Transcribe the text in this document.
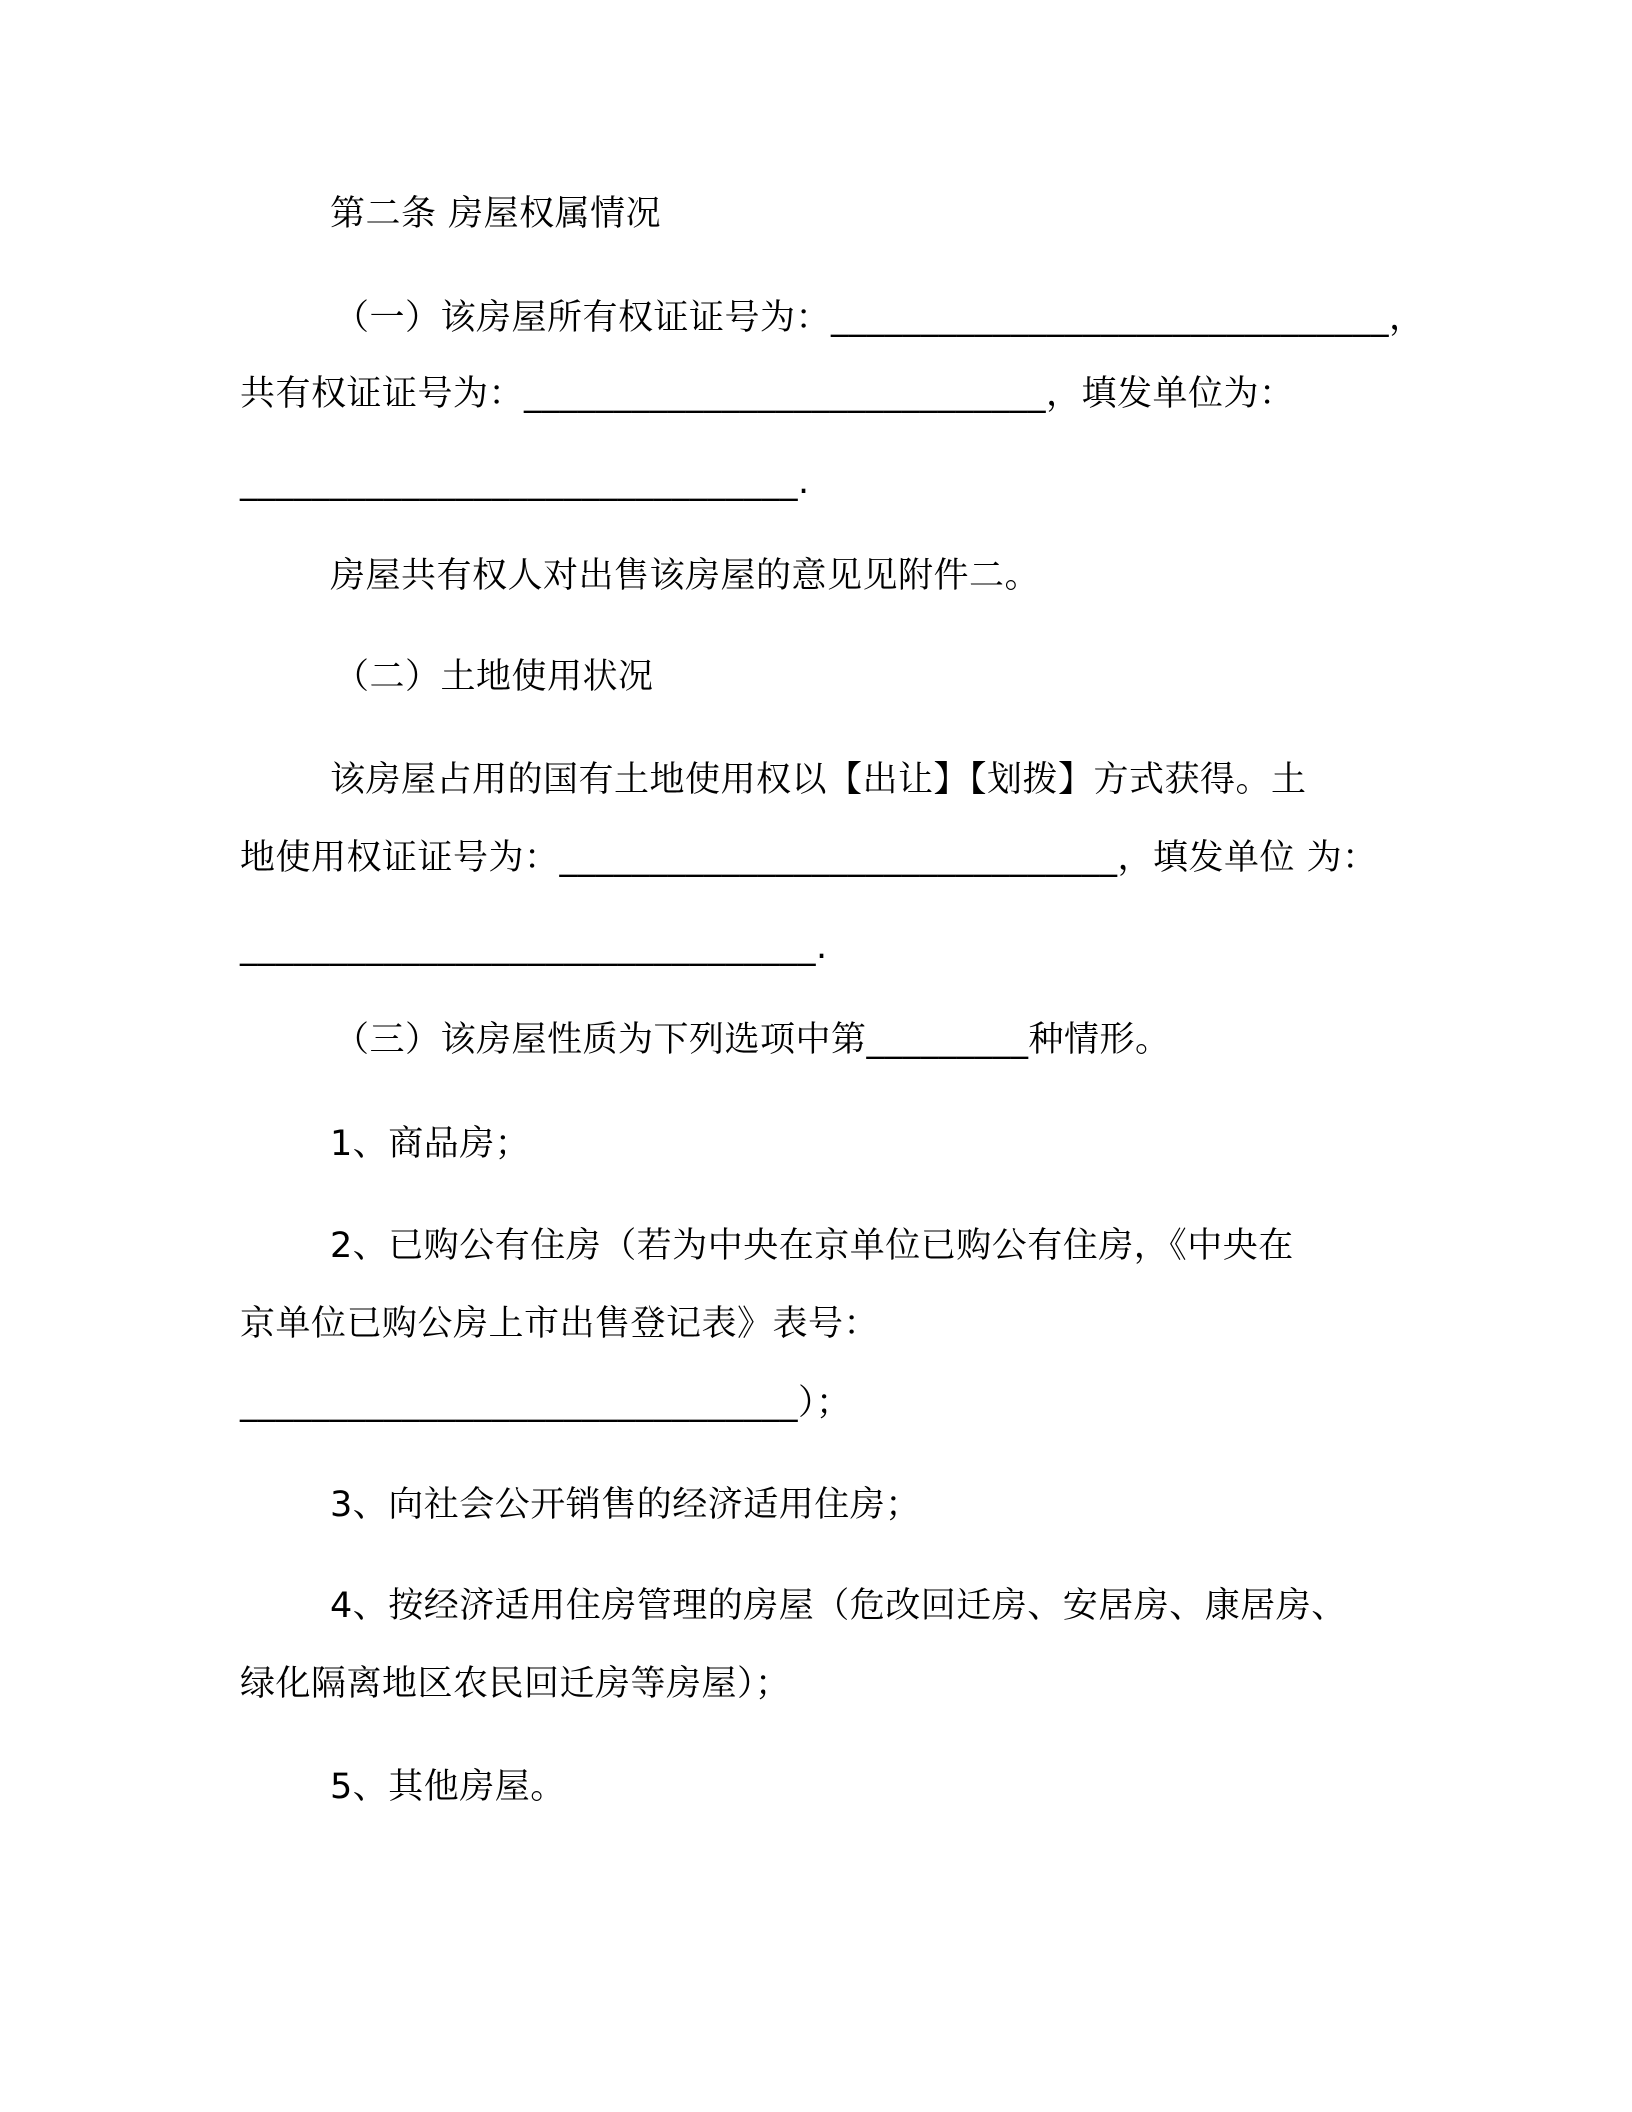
第二条 房屋权属情况
（一）该房屋所有权证证号为：_______________________________，
共有权证证号为：_____________________________，填发单位为：
_______________________________.
房屋共有权人对出售该房屋的意见见附件二。
（二）土地使用状况
该房屋占用的国有土地使用权以【出让】【划拨】方式获得。土
地使用权证证号为：_______________________________，填发单位 为：
________________________________.
（三）该房屋性质为下列选项中第_________种情形。
1、商品房；
2、已购公有住房（若为中央在京单位已购公有住房，《中央在
京单位已购公房上市出售登记表》表号：
_______________________________）；
3、向社会公开销售的经济适用住房；
4、按经济适用住房管理的房屋（危改回迁房、安居房、康居房、
绿化隔离地区农民回迁房等房屋）；
5、其他房屋。
